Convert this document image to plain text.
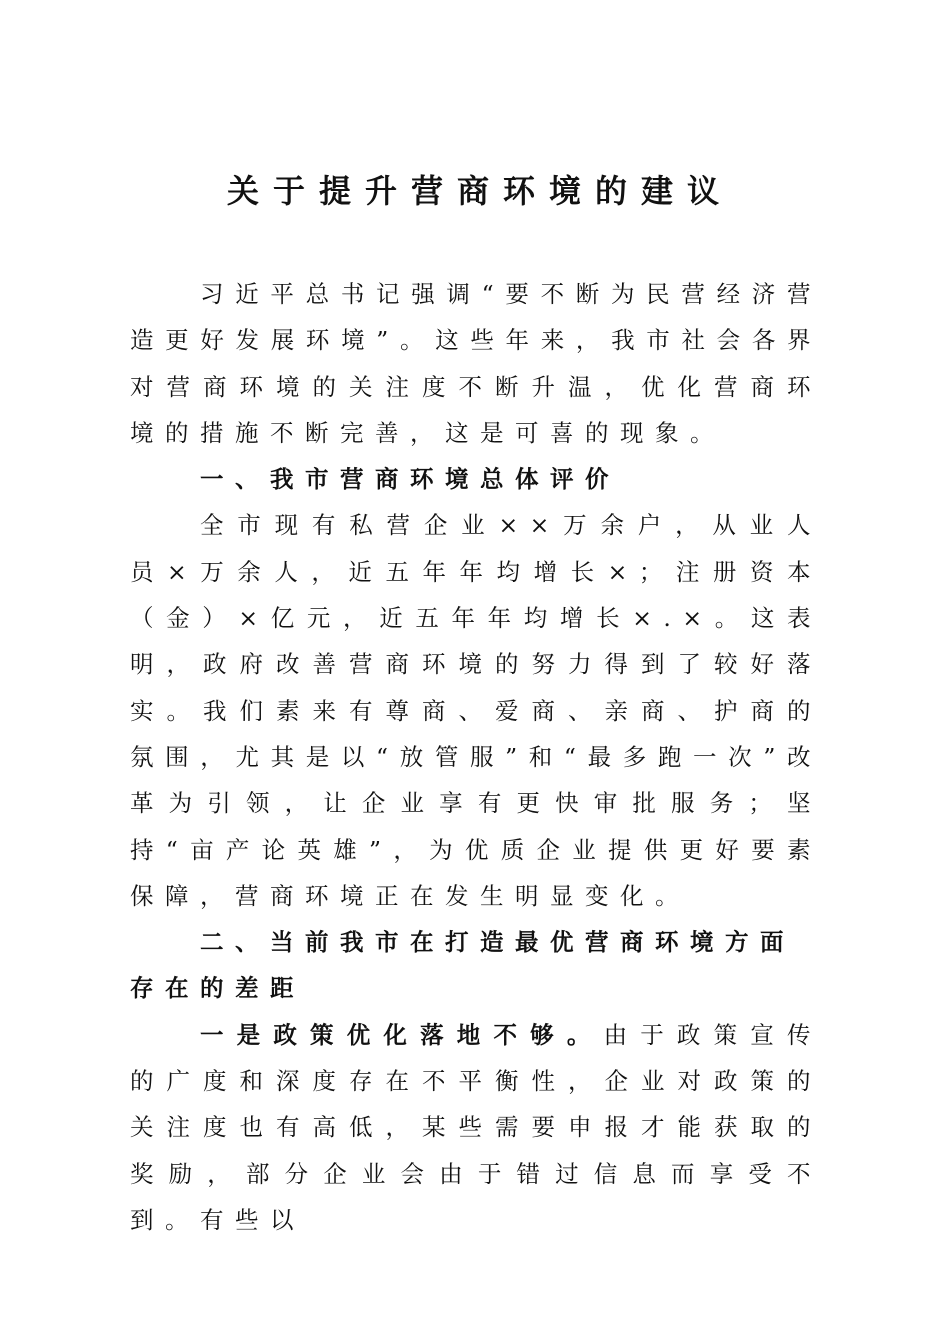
关于提升营商环境的建议

习近平总书记强调“要不断为民营经济营造更好发展环境”。这些年来，我市社会各界对营商环境的关注度不断升温，优化营商环境的措施不断完善，这是可喜的现象。

一、我市营商环境总体评价

全市现有私营企业××万余户，从业人员×万余人，近五年年均增长×；注册资本（金）×亿元，近五年年均增长×.×。这表明，政府改善营商环境的努力得到了较好落实。我们素来有尊商、爱商、亲商、护商的氛围，尤其是以“放管服”和“最多跑一次”改革为引领，让企业享有更快审批服务；坚持“亩产论英雄”，为优质企业提供更好要素保障，营商环境正在发生明显变化。

二、当前我市在打造最优营商环境方面存在的差距

一是政策优化落地不够。由于政策宣传的广度和深度存在不平衡性，企业对政策的关注度也有高低，某些需要申报才能获取的奖励，部分企业会由于错过信息而享受不到。有些以
